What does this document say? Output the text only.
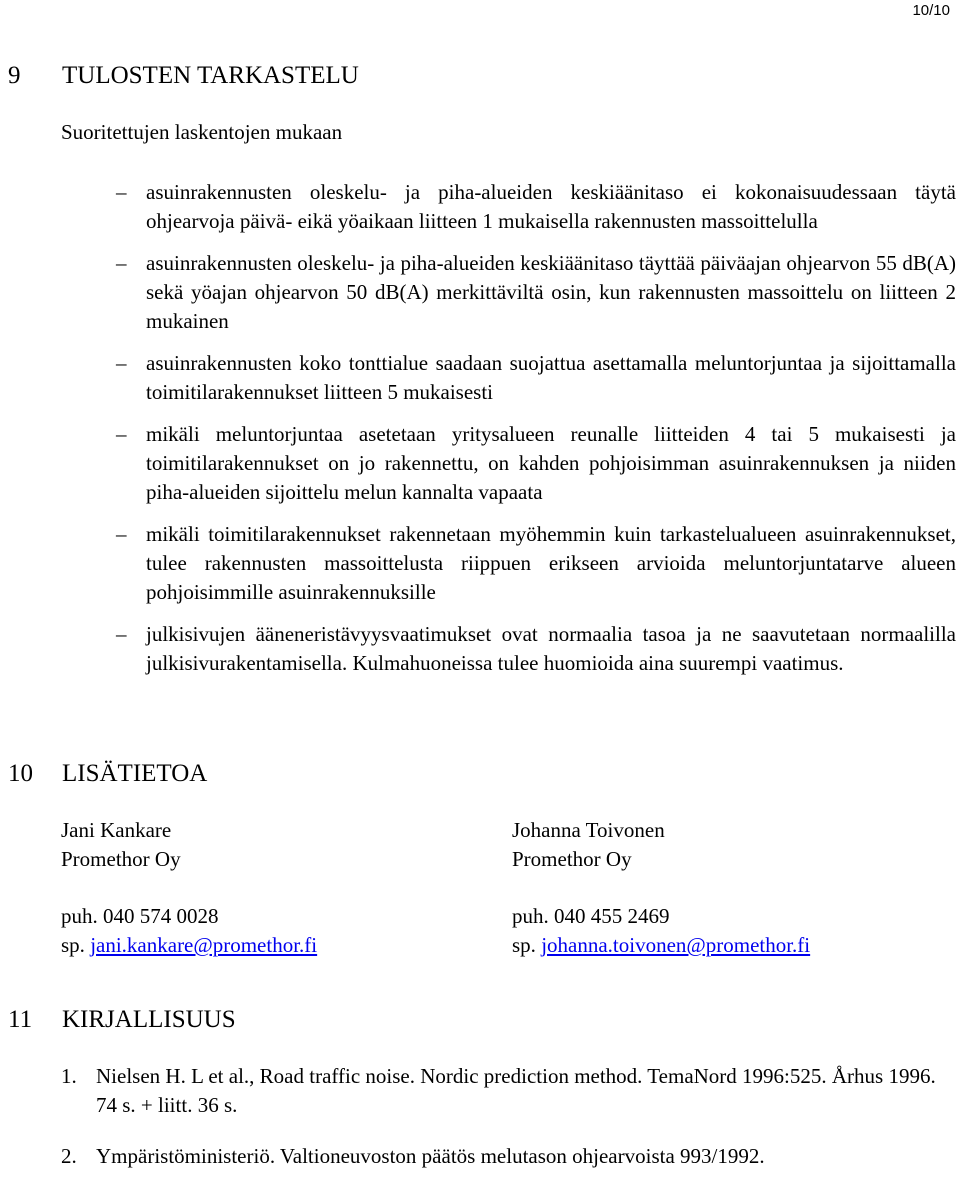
10/10
9 TULOSTEN TARKASTELU

Suoritettujen laskentojen mukaan

– asuinrakennusten oleskelu- ja piha-alueiden keskiäänitaso ei kokonaisuudessaan täytä ohjearvoja päivä- eikä yöaikaan liitteen 1 mukaisella rakennusten massoittelulla
– asuinrakennusten oleskelu- ja piha-alueiden keskiäänitaso täyttää päiväajan ohjearvon 55 dB(A) sekä yöajan ohjearvon 50 dB(A) merkittäviltä osin, kun rakennusten massoittelu on liitteen 2 mukainen
– asuinrakennusten koko tonttialue saadaan suojattua asettamalla meluntorjuntaa ja sijoittamalla toimitilarakennukset liitteen 5 mukaisesti
– mikäli meluntorjuntaa asetetaan yritysalueen reunalle liitteiden 4 tai 5 mukaisesti ja toimitilarakennukset on jo rakennettu, on kahden pohjoisimman asuinrakennuksen ja niiden piha-alueiden sijoittelu melun kannalta vapaata
– mikäli toimitilarakennukset rakennetaan myöhemmin kuin tarkastelualueen asuinrakennukset, tulee rakennusten massoittelusta riippuen erikseen arvioida meluntorjuntatarve alueen pohjoisimmille asuinrakennuksille
– julkisivujen ääneneristävyysvaatimukset ovat normaalia tasoa ja ne saavutetaan normaalilla julkisivurakentamisella. Kulmahuoneissa tulee huomioida aina suurempi vaatimus.
10 LISÄTIETOA
Jani Kankare
Promethor Oy
puh. 040 574 0028
sp. jani.kankare@promethor.fi
Johanna Toivonen
Promethor Oy
puh. 040 455 2469
sp. johanna.toivonen@promethor.fi
11 KIRJALLISUUS
1. Nielsen H. L et al., Road traffic noise. Nordic prediction method. TemaNord 1996:525. Århus 1996. 74 s. + liitt. 36 s.
2. Ympäristöministeriö. Valtioneuvoston päätös melutason ohjearvoista 993/1992.
